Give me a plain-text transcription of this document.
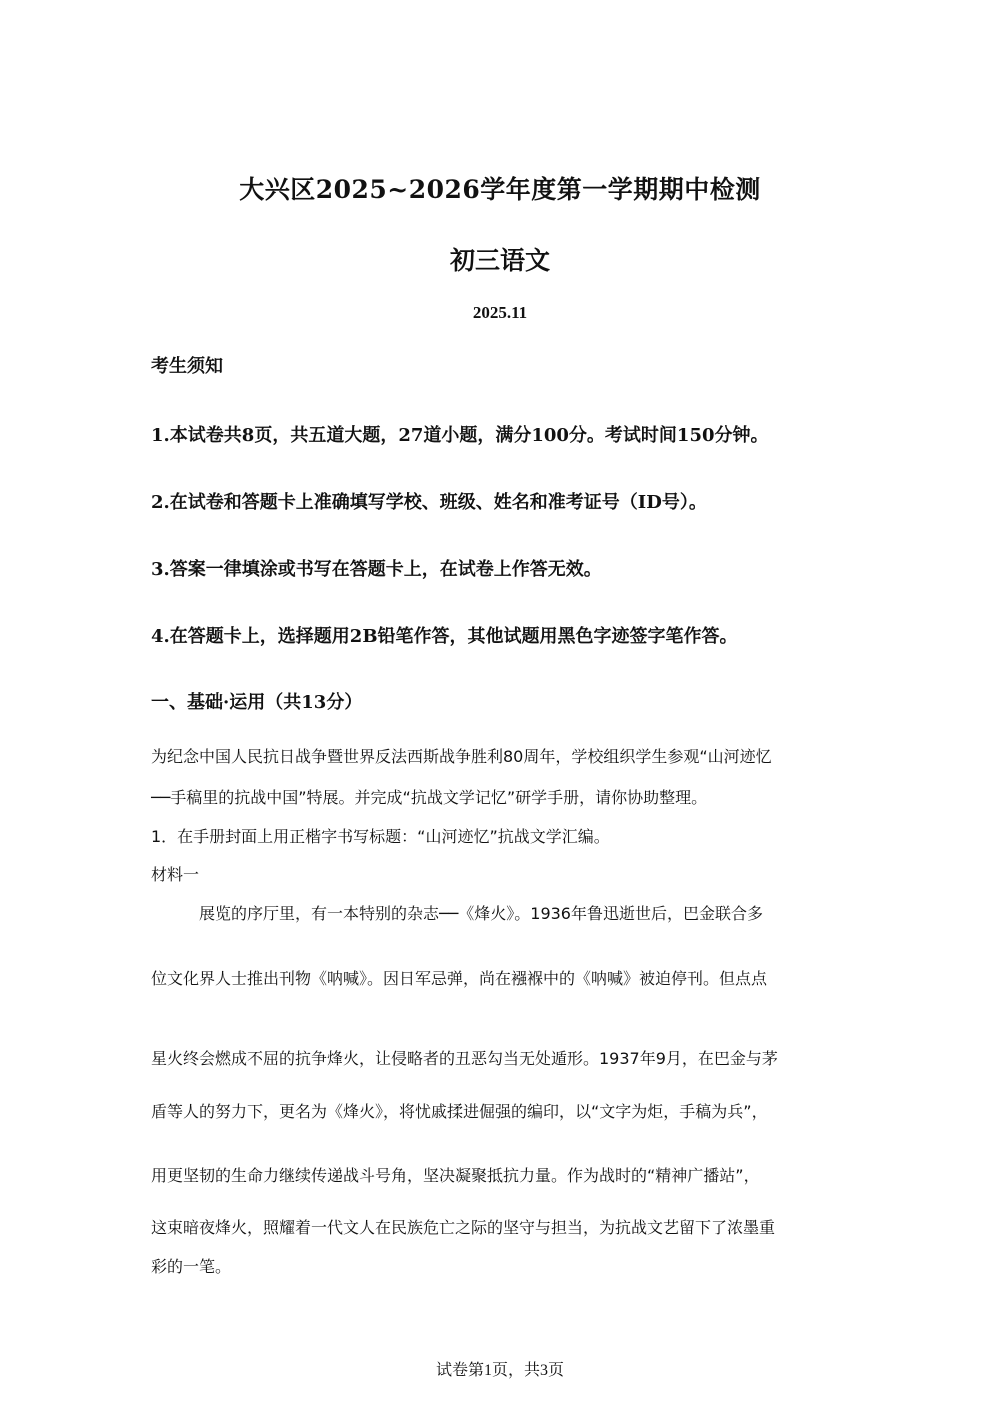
大兴区2025~2026学年度第一学期期中检测
初三语文
2025.11
考生须知
1.本试卷共8页，共五道大题，27道小题，满分100分。考试时间150分钟。
2.在试卷和答题卡上准确填写学校、班级、姓名和准考证号（ID号）。
3.答案一律填涂或书写在答题卡上，在试卷上作答无效。
4.在答题卡上，选择题用2B铅笔作答，其他试题用黑色字迹签字笔作答。
一、基础·运用（共13分）
为纪念中国人民抗日战争暨世界反法西斯战争胜利80周年，学校组织学生参观“山河迹忆
──手稿里的抗战中国”特展。并完成“抗战文学记忆”研学手册，请你协助整理。
1．在手册封面上用正楷字书写标题：“山河迹忆”抗战文学汇编。
材料一
展览的序厅里，有一本特别的杂志──《烽火》。1936年鲁迅逝世后，巴金联合多
位文化界人士推出刊物《呐喊》。因日军忌弹，尚在襁褓中的《呐喊》被迫停刊。但点点
星火终会燃成不屈的抗争烽火，让侵略者的丑恶勾当无处遁形。1937年9月，在巴金与茅
盾等人的努力下，更名为《烽火》，将忧戚揉进倔强的编印，以“文字为炬，手稿为兵”，
用更坚韧的生命力继续传递战斗号角，坚决凝聚抵抗力量。作为战时的“精神广播站”，
这束暗夜烽火，照耀着一代文人在民族危亡之际的坚守与担当，为抗战文艺留下了浓墨重
彩的一笔。
试卷第1页，共3页
